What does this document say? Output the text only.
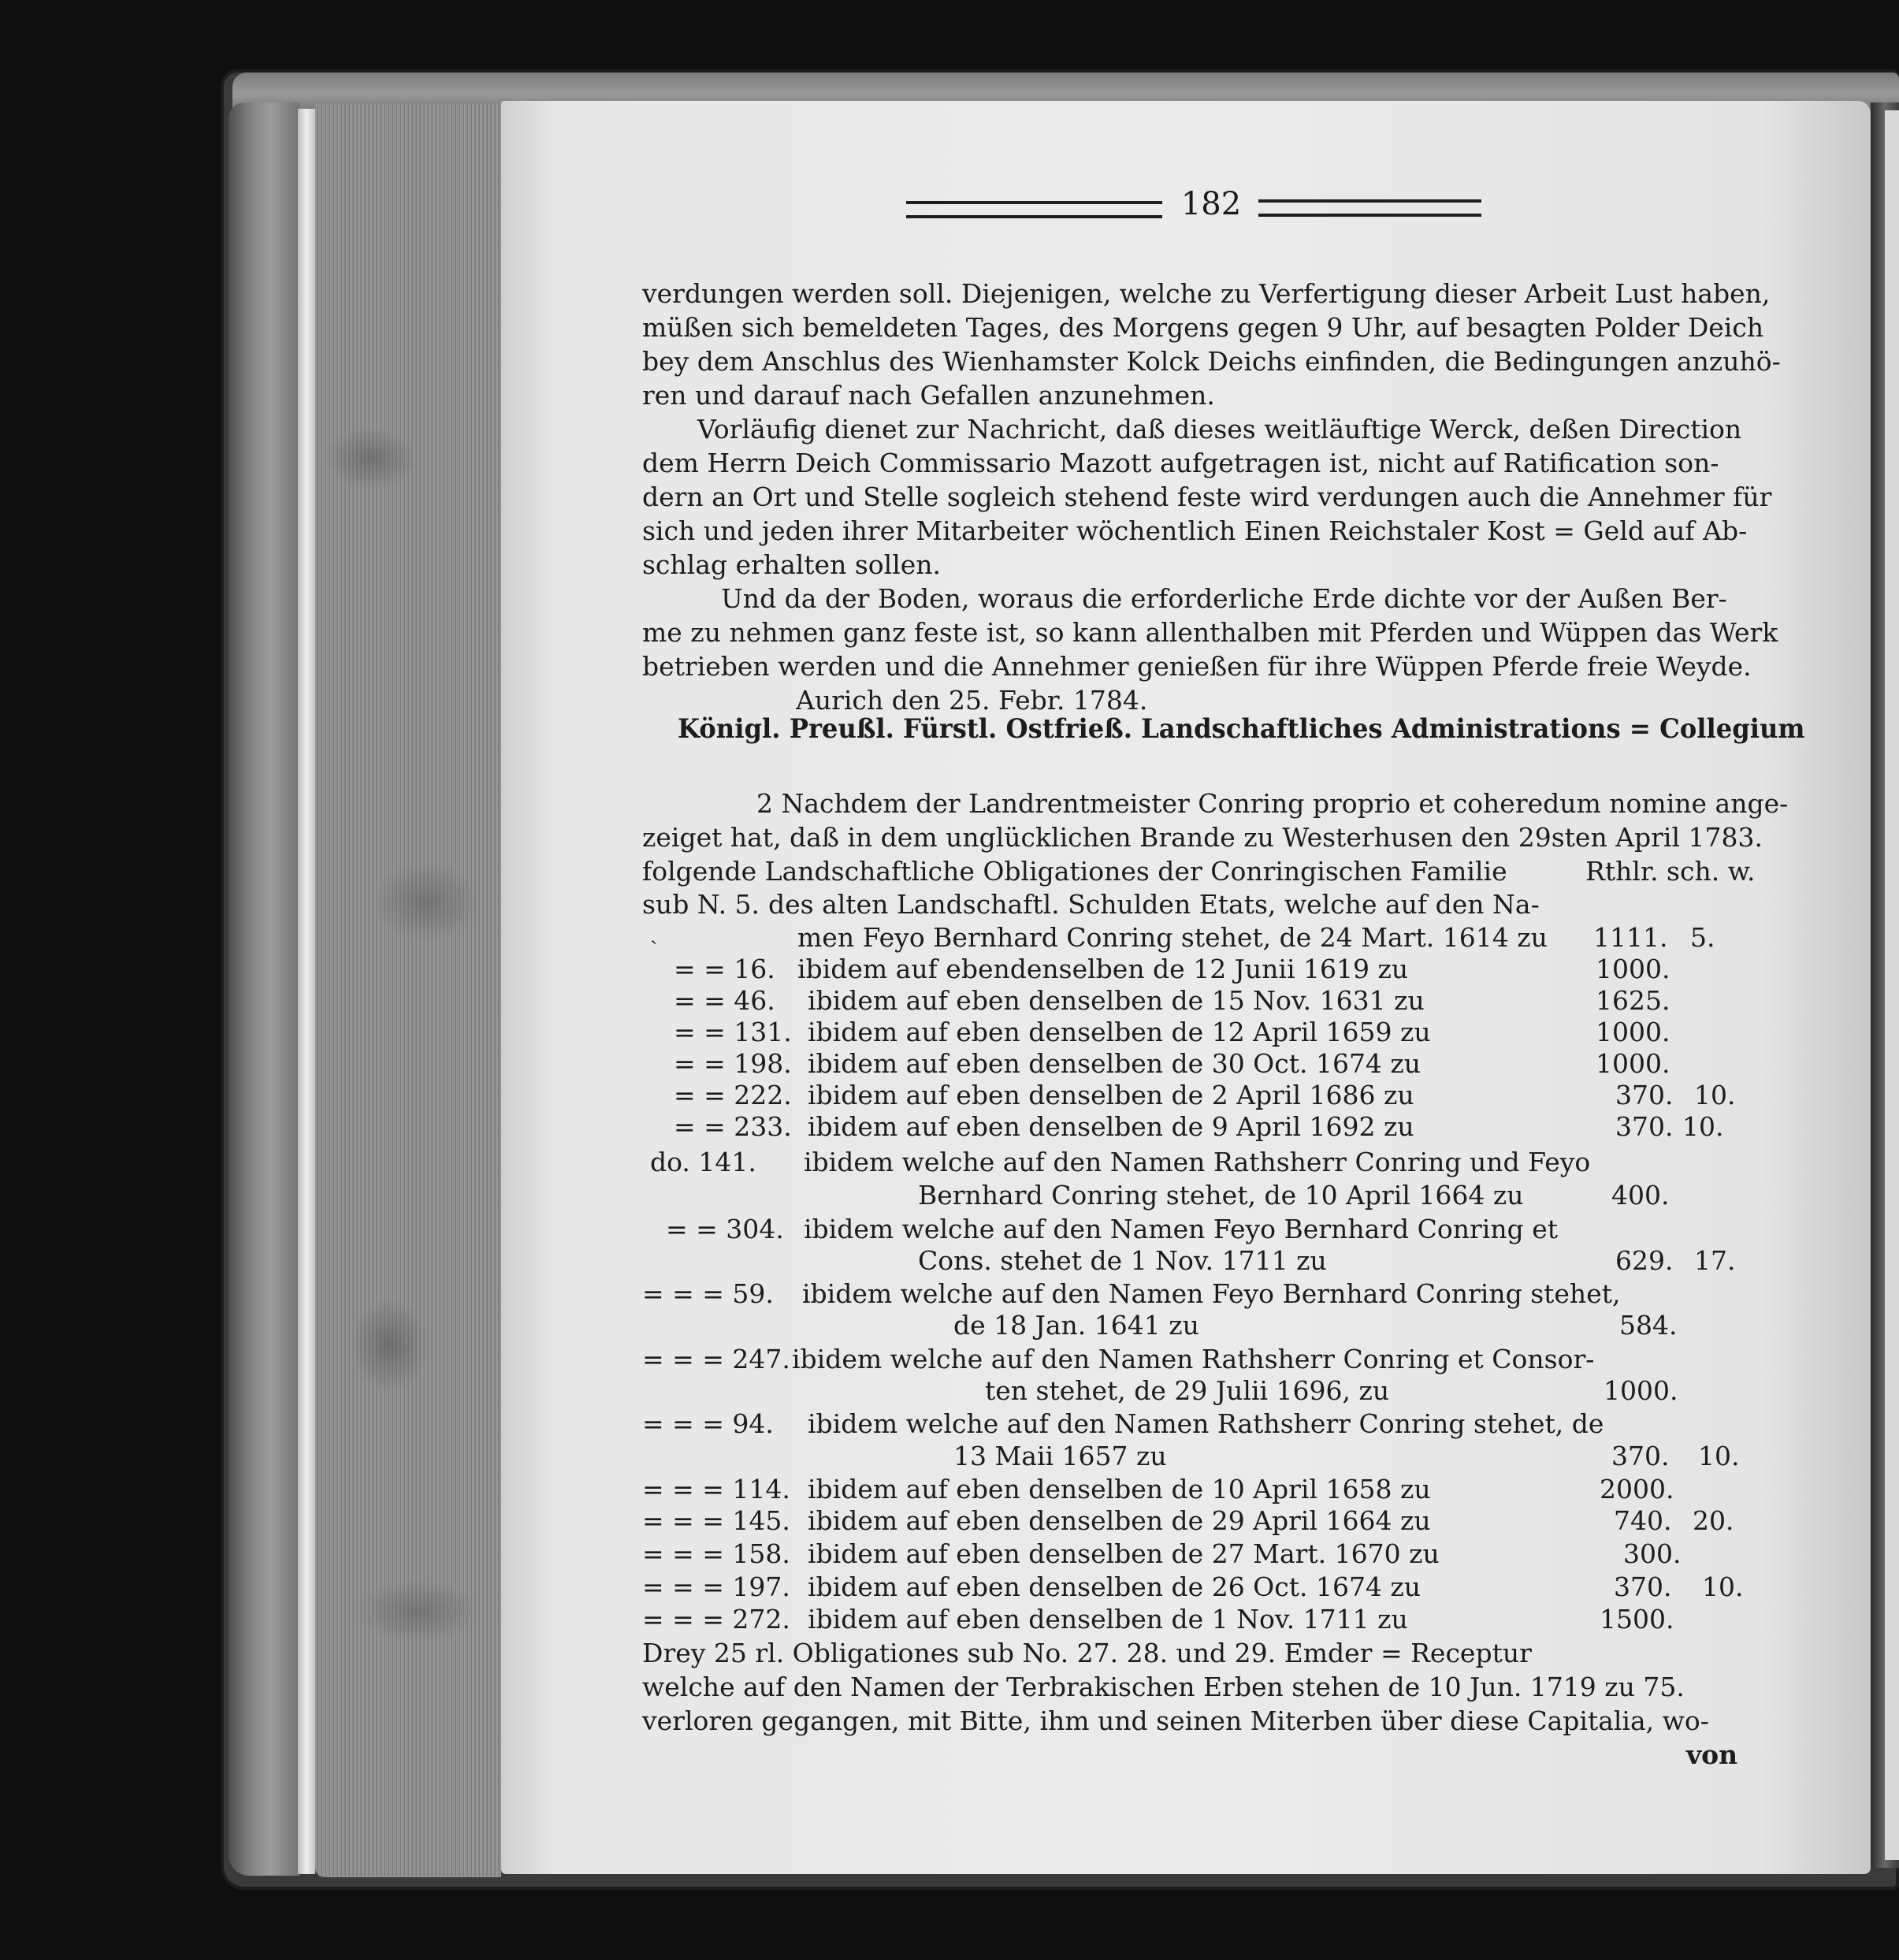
182
verdungen werden soll. Diejenigen, welche zu Verfertigung dieser Arbeit Lust haben,
müßen sich bemeldeten Tages, des Morgens gegen 9 Uhr, auf besagten Polder Deich
bey dem Anschlus des Wienhamster Kolck Deichs einfinden, die Bedingungen anzuhö-
ren und darauf nach Gefallen anzunehmen.
Vorläufig dienet zur Nachricht, daß dieses weitläuftige Werck, deßen Direction
dem Herrn Deich Commissario Mazott aufgetragen ist, nicht auf Ratification son-
dern an Ort und Stelle sogleich stehend feste wird verdungen auch die Annehmer für
sich und jeden ihrer Mitarbeiter wöchentlich Einen Reichstaler Kost = Geld auf Ab-
schlag erhalten sollen.
Und da der Boden, woraus die erforderliche Erde dichte vor der Außen Ber-
me zu nehmen ganz feste ist, so kann allenthalben mit Pferden und Wüppen das Werk
betrieben werden und die Annehmer genießen für ihre Wüppen Pferde freie Weyde.
Aurich den 25. Febr. 1784.
Königl. Preußl. Fürstl. Ostfrieß. Landschaftliches Administrations = Collegium
2 Nachdem der Landrentmeister Conring proprio et coheredum nomine ange-
zeiget hat, daß in dem unglücklichen Brande zu Westerhusen den 29sten April 1783.
folgende Landschaftliche Obligationes der Conringischen Familie	Rthlr. sch. w.
sub N. 5. des alten Landschaftl. Schulden Etats, welche auf den Na-
˴	men Feyo Bernhard Conring stehet, de 24 Mart. 1614 zu 1111. 5.
= = 16. ibidem auf ebendenselben de 12 Junii 1619 zu	1000.
= = 46. ibidem auf eben denselben de 15 Nov. 1631 zu	1625.
= = 131. ibidem auf eben denselben de 12 April 1659 zu	1000.
= = 198. ibidem auf eben denselben de 30 Oct. 1674 zu	1000.
= = 222. ibidem auf eben denselben de 2 April 1686 zu	370. 10.
= = 233. ibidem auf eben denselben de 9 April 1692 zu	370. 10.
do. 141. ibidem welche auf den Namen Rathsherr Conring und Feyo
Bernhard Conring stehet, de 10 April 1664 zu	400.
= = 304. ibidem welche auf den Namen Feyo Bernhard Conring et
Cons. stehet de 1 Nov. 1711 zu	629. 17.
= = = 59. ibidem welche auf den Namen Feyo Bernhard Conring stehet,
de 18 Jan. 1641 zu	584.
= = = 247. ibidem welche auf den Namen Rathsherr Conring et Consor-
ten stehet, de 29 Julii 1696, zu	1000.
= = = 94. ibidem welche auf den Namen Rathsherr Conring stehet, de
13 Maii 1657 zu	370. 10.
= = = 114. ibidem auf eben denselben de 10 April 1658 zu	2000.
= = = 145. ibidem auf eben denselben de 29 April 1664 zu	740. 20.
= = = 158. ibidem auf eben denselben de 27 Mart. 1670 zu	300.
= = = 197. ibidem auf eben denselben de 26 Oct. 1674 zu	370. 10.
= = = 272. ibidem auf eben denselben de 1 Nov. 1711 zu	1500.
Drey 25 rl. Obligationes sub No. 27. 28. und 29. Emder = Receptur
welche auf den Namen der Terbrakischen Erben stehen de 10 Jun. 1719 zu 75.
verloren gegangen, mit Bitte, ihm und seinen Miterben über diese Capitalia, wo-
von
